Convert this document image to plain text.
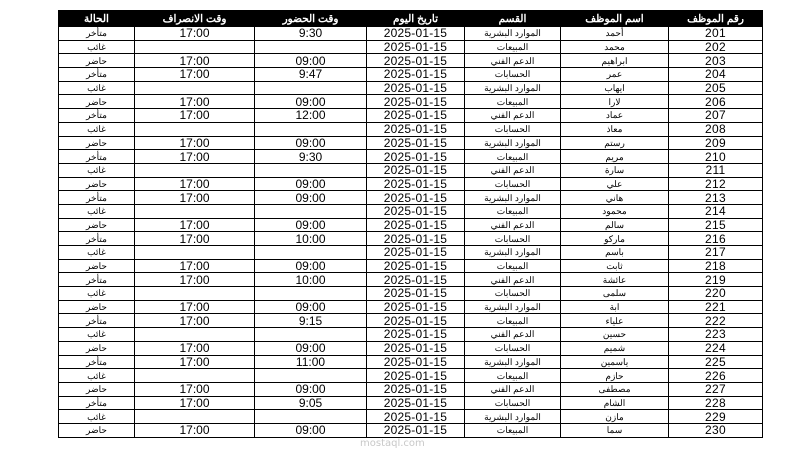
رقم الموظف	اسم الموظف	القسم	تاريخ اليوم	وقت الحضور	وقت الانصراف	الحالة
201	أحمد	الموارد البشرية	2025-01-15	9:30	17:00	متأخر
202	محمد	المبيعات	2025-01-15			غائب
203	ابراهيم	الدعم الفني	2025-01-15	09:00	17:00	حاضر
204	عمر	الحسابات	2025-01-15	9:47	17:00	متأخر
205	ايهاب	الموارد البشرية	2025-01-15			غائب
206	لارا	المبيعات	2025-01-15	09:00	17:00	حاضر
207	عماد	الدعم الفني	2025-01-15	12:00	17:00	متأخر
208	معاذ	الحسابات	2025-01-15			غائب
209	رستم	الموارد البشرية	2025-01-15	09:00	17:00	حاضر
210	مريم	المبيعات	2025-01-15	9:30	17:00	متأخر
211	سارة	الدعم الفني	2025-01-15			غائب
212	علي	الحسابات	2025-01-15	09:00	17:00	حاضر
213	هاني	الموارد البشرية	2025-01-15	09:00	17:00	متأخر
214	محمود	المبيعات	2025-01-15			غائب
215	سالم	الدعم الفني	2025-01-15	09:00	17:00	حاضر
216	ماركو	الحسابات	2025-01-15	10:00	17:00	متأخر
217	باسم	الموارد البشرية	2025-01-15			غائب
218	ثابت	المبيعات	2025-01-15	09:00	17:00	حاضر
219	عائشة	الدعم الفني	2025-01-15	10:00	17:00	متأخر
220	سلمى	الحسابات	2025-01-15			غائب
221	ابة	الموارد البشرية	2025-01-15	09:00	17:00	حاضر
222	علياء	المبيعات	2025-01-15	9:15	17:00	متأخر
223	حسين	الدعم الفني	2025-01-15			غائب
224	شميم	الحسابات	2025-01-15	09:00	17:00	حاضر
225	ياسمين	الموارد البشرية	2025-01-15	11:00	17:00	متأخر
226	حازم	المبيعات	2025-01-15			غائب
227	مصطفى	الدعم الفني	2025-01-15	09:00	17:00	حاضر
228	الشام	الحسابات	2025-01-15	9:05	17:00	متأخر
229	مازن	الموارد البشرية	2025-01-15			غائب
230	سما	المبيعات	2025-01-15	09:00	17:00	حاضر
mostaql.com
